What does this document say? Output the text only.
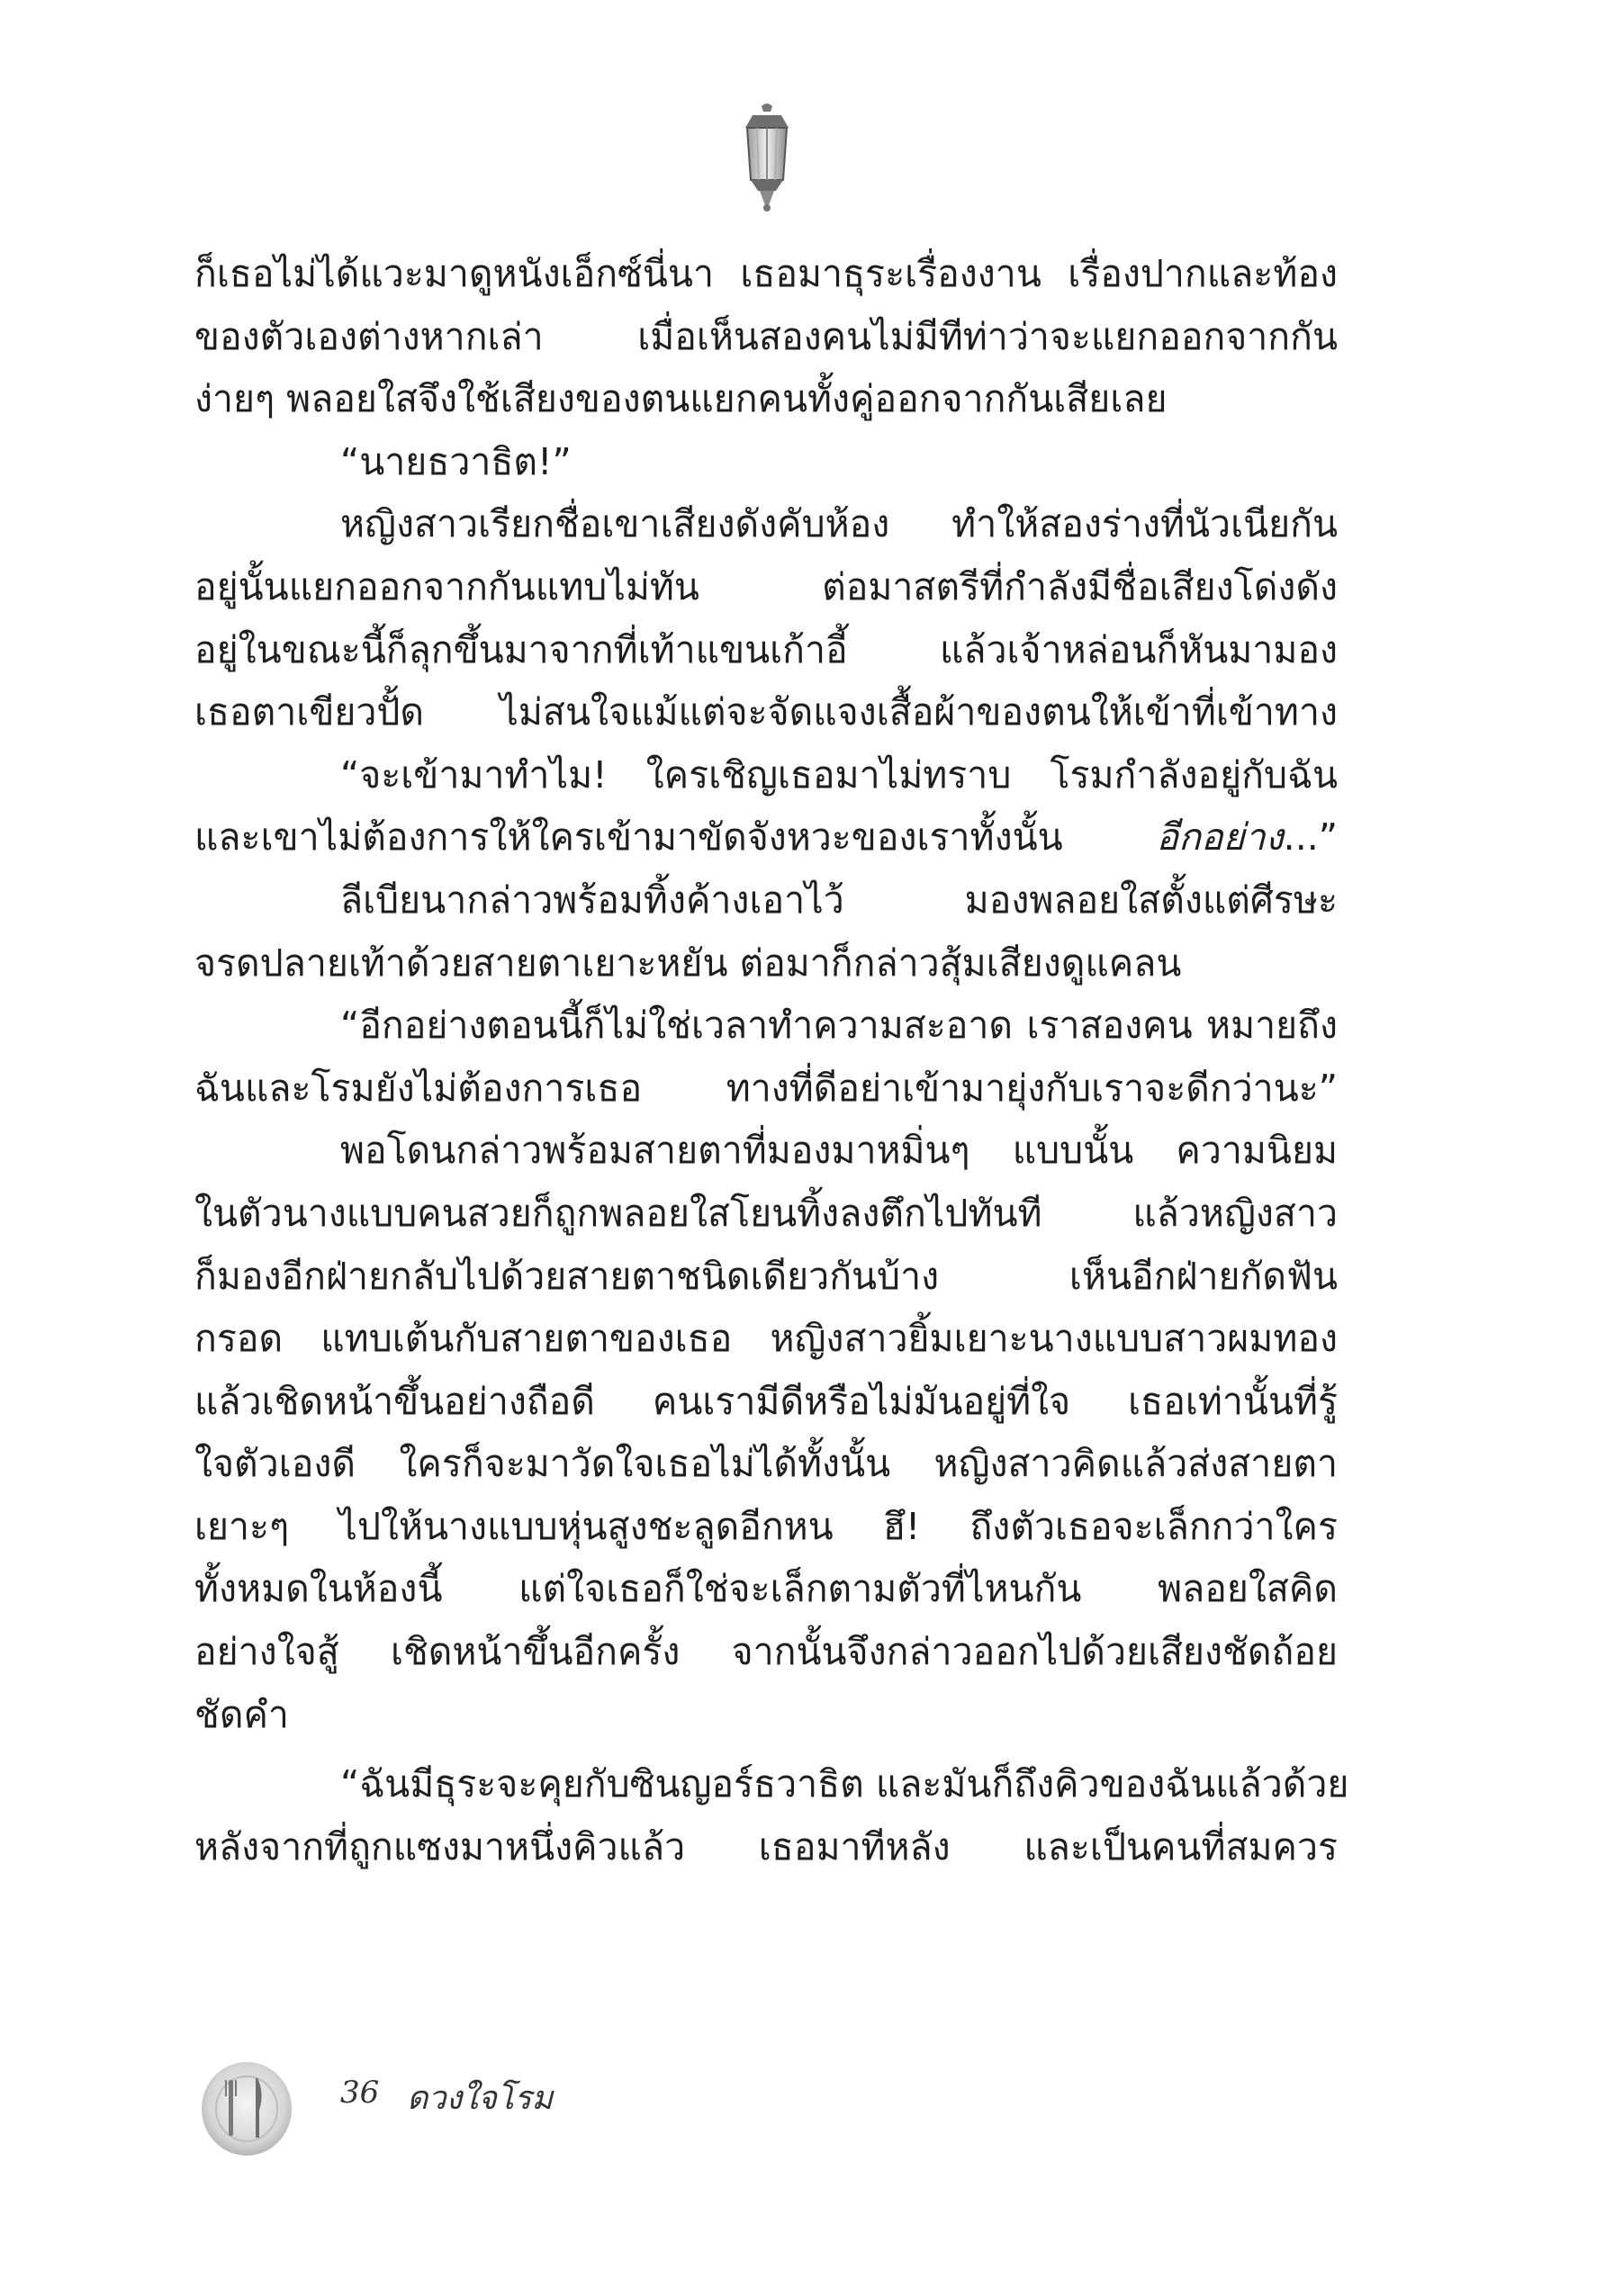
ก็เธอไม่ได้แวะมาดูหนังเอ็กซ์นี่นา เธอมาธุระเรื่องงาน เรื่องปากและท้อง
ของตัวเองต่างหากเล่า เมื่อเห็นสองคนไม่มีทีท่าว่าจะแยกออกจากกัน
ง่ายๆ พลอยใสจึงใช้เสียงของตนแยกคนทั้งคู่ออกจากกันเสียเลย
“นายธวาธิต!”
หญิงสาวเรียกชื่อเขาเสียงดังคับห้อง ทำให้สองร่างที่นัวเนียกัน
อยู่นั้นแยกออกจากกันแทบไม่ทัน ต่อมาสตรีที่กำลังมีชื่อเสียงโด่งดัง
อยู่ในขณะนี้ก็ลุกขึ้นมาจากที่เท้าแขนเก้าอี้ แล้วเจ้าหล่อนก็หันมามอง
เธอตาเขียวปั้ด ไม่สนใจแม้แต่จะจัดแจงเสื้อผ้าของตนให้เข้าที่เข้าทาง
“จะเข้ามาทำไม! ใครเชิญเธอมาไม่ทราบ โรมกำลังอยู่กับฉัน
และเขาไม่ต้องการให้ใครเข้ามาขัดจังหวะของเราทั้งนั้น อีกอย่าง...”
ลีเบียนากล่าวพร้อมทิ้งค้างเอาไว้ มองพลอยใสตั้งแต่ศีรษะ
จรดปลายเท้าด้วยสายตาเยาะหยัน ต่อมาก็กล่าวสุ้มเสียงดูแคลน
“อีกอย่างตอนนี้ก็ไม่ใช่เวลาทำความสะอาด เราสองคน หมายถึง
ฉันและโรมยังไม่ต้องการเธอ ทางที่ดีอย่าเข้ามายุ่งกับเราจะดีกว่านะ”
พอโดนกล่าวพร้อมสายตาที่มองมาหมิ่นๆ แบบนั้น ความนิยม
ในตัวนางแบบคนสวยก็ถูกพลอยใสโยนทิ้งลงตึกไปทันที แล้วหญิงสาว
ก็มองอีกฝ่ายกลับไปด้วยสายตาชนิดเดียวกันบ้าง เห็นอีกฝ่ายกัดฟัน
กรอด แทบเต้นกับสายตาของเธอ หญิงสาวยิ้มเยาะนางแบบสาวผมทอง
แล้วเชิดหน้าขึ้นอย่างถือดี คนเรามีดีหรือไม่มันอยู่ที่ใจ เธอเท่านั้นที่รู้
ใจตัวเองดี ใครก็จะมาวัดใจเธอไม่ได้ทั้งนั้น หญิงสาวคิดแล้วส่งสายตา
เยาะๆ ไปให้นางแบบหุ่นสูงชะลูดอีกหน ฮึ! ถึงตัวเธอจะเล็กกว่าใคร
ทั้งหมดในห้องนี้ แต่ใจเธอก็ใช่จะเล็กตามตัวที่ไหนกัน พลอยใสคิด
อย่างใจสู้ เชิดหน้าขึ้นอีกครั้ง จากนั้นจึงกล่าวออกไปด้วยเสียงชัดถ้อย
ชัดคำ
“ฉันมีธุระจะคุยกับซินญอร์ธวาธิต และมันก็ถึงคิวของฉันแล้วด้วย
หลังจากที่ถูกแซงมาหนึ่งคิวแล้ว เธอมาทีหลัง และเป็นคนที่สมควร
36 ดวงใจโรม
